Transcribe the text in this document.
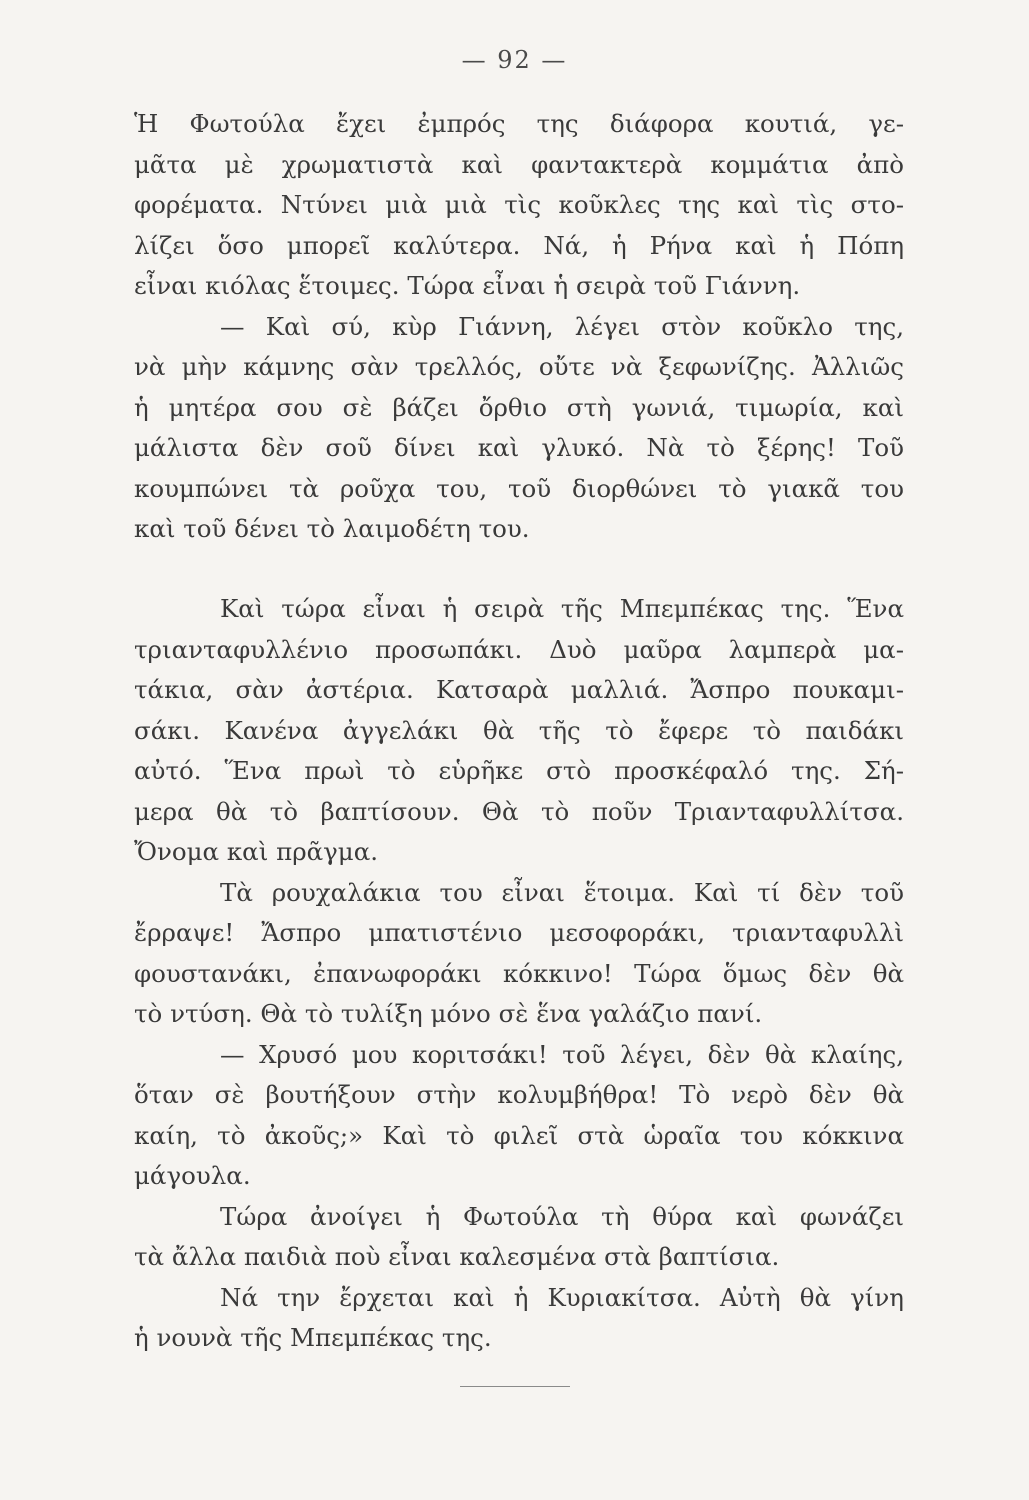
— 92 —
Ἡ Φωτούλα ἔχει ἐμπρός της διάφορα κουτιά, γε-
μᾶτα μὲ χρωματιστὰ καὶ φαντακτερὰ κομμάτια ἀπὸ
φορέματα. Ντύνει μιὰ μιὰ τὶς κοῦκλες της καὶ τὶς στο-
λίζει ὅσο μπορεῖ καλύτερα. Νά, ἡ Ρήνα καὶ ἡ Πόπη
εἶναι κιόλας ἕτοιμες. Τώρα εἶναι ἡ σειρὰ τοῦ Γιάννη.
— Καὶ σύ, κὺρ Γιάννη, λέγει στὸν κοῦκλο της,
νὰ μὴν κάμνης σὰν τρελλός, οὔτε νὰ ξεφωνίζης. Ἀλλιῶς
ἡ μητέρα σου σὲ βάζει ὄρθιο στὴ γωνιά, τιμωρία, καὶ
μάλιστα δὲν σοῦ δίνει καὶ γλυκό. Νὰ τὸ ξέρης! Τοῦ
κουμπώνει τὰ ροῦχα του, τοῦ διορθώνει τὸ γιακᾶ του
καὶ τοῦ δένει τὸ λαιμοδέτη του.
Καὶ τώρα εἶναι ἡ σειρὰ τῆς Μπεμπέκας της. Ἕνα
τριανταφυλλένιο προσωπάκι. Δυὸ μαῦρα λαμπερὰ μα-
τάκια, σὰν ἀστέρια. Κατσαρὰ μαλλιά. Ἄσπρο πουκαμι-
σάκι. Κανένα ἀγγελάκι θὰ τῆς τὸ ἔφερε τὸ παιδάκι
αὐτό. Ἕνα πρωὶ τὸ εὑρῆκε στὸ προσκέφαλό της. Σή-
μερα θὰ τὸ βαπτίσουν. Θὰ τὸ ποῦν Τριανταφυλλίτσα.
Ὄνομα καὶ πρᾶγμα.
Τὰ ρουχαλάκια του εἶναι ἕτοιμα. Καὶ τί δὲν τοῦ
ἔρραψε! Ἄσπρο μπατιστένιο μεσοφοράκι, τριανταφυλλὶ
φουστανάκι, ἐπανωφοράκι κόκκινο! Τώρα ὅμως δὲν θὰ
τὸ ντύση. Θὰ τὸ τυλίξη μόνο σὲ ἕνα γαλάζιο πανί.
— Χρυσό μου κοριτσάκι! τοῦ λέγει, δὲν θὰ κλαίης,
ὅταν σὲ βουτήξουν στὴν κολυμβήθρα! Τὸ νερὸ δὲν θὰ
καίη, τὸ ἀκοῦς;» Καὶ τὸ φιλεῖ στὰ ὡραῖα του κόκκινα
μάγουλα.
Τώρα ἀνοίγει ἡ Φωτούλα τὴ θύρα καὶ φωνάζει
τὰ ἄλλα παιδιὰ ποὺ εἶναι καλεσμένα στὰ βαπτίσια.
Νά την ἔρχεται καὶ ἡ Κυριακίτσα. Αὐτὴ θὰ γίνη
ἡ νουνὰ τῆς Μπεμπέκας της.
